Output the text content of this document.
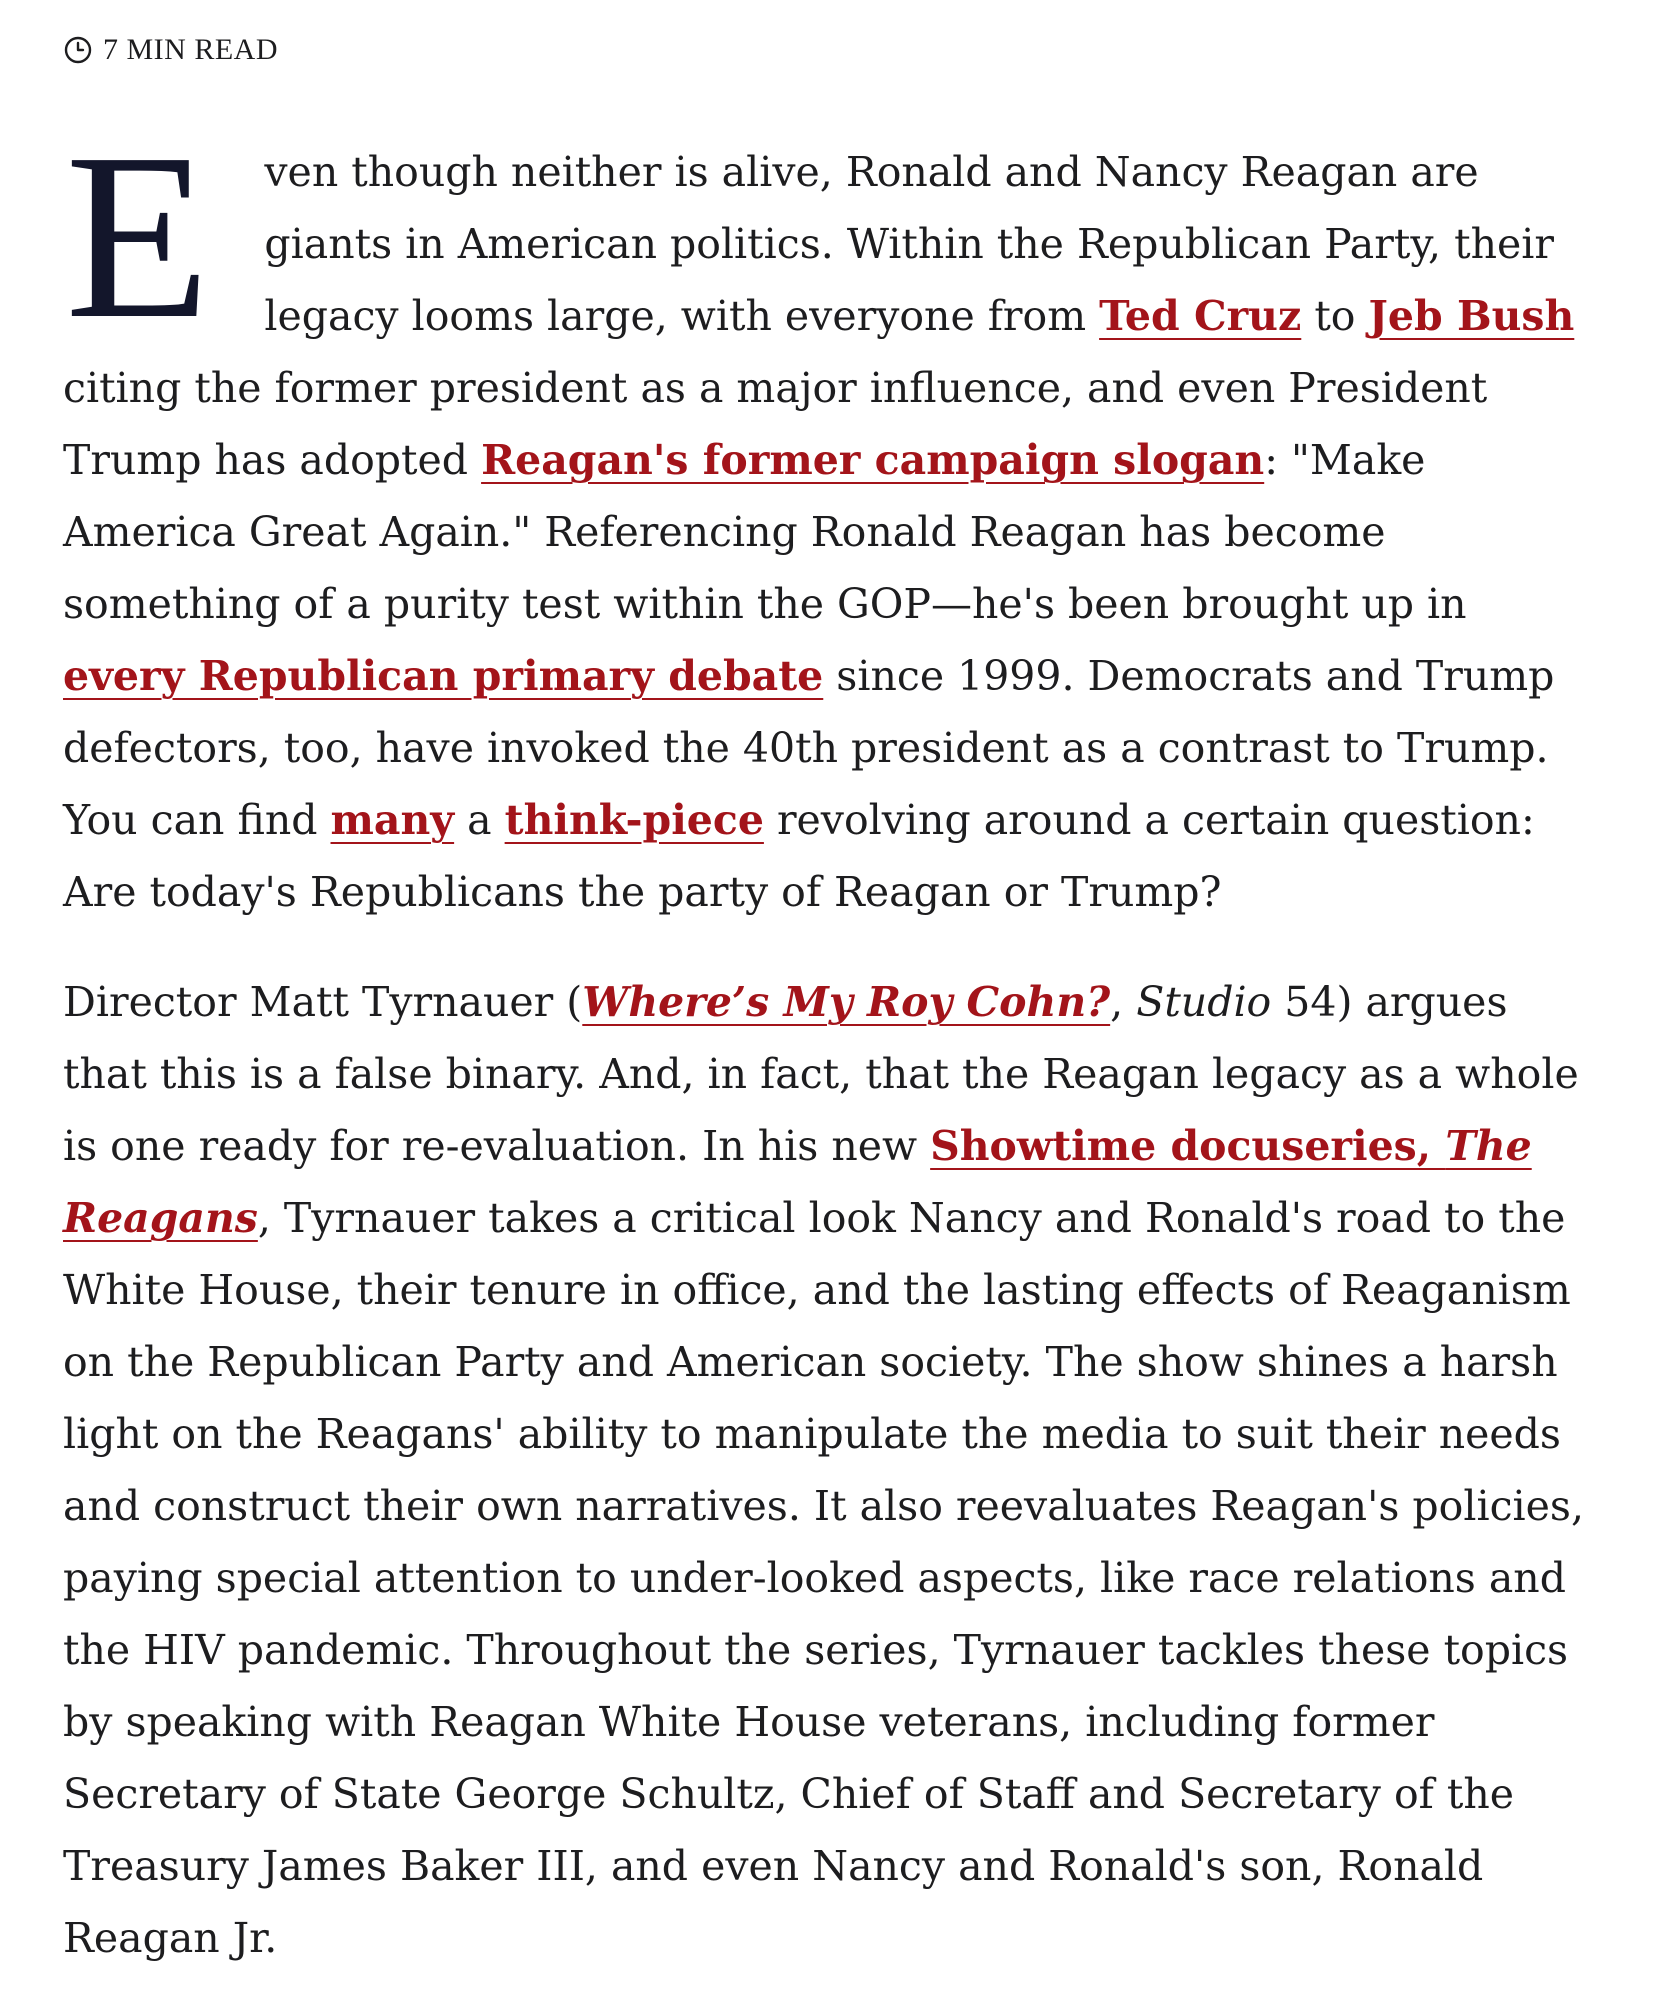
7 MIN READ

E ven though neither is alive, Ronald and Nancy Reagan are giants in American politics. Within the Republican Party, their legacy looms large, with everyone from Ted Cruz to Jeb Bush citing the former president as a major influence, and even President Trump has adopted Reagan's former campaign slogan: "Make America Great Again." Referencing Ronald Reagan has become something of a purity test within the GOP—he's been brought up in every Republican primary debate since 1999. Democrats and Trump defectors, too, have invoked the 40th president as a contrast to Trump. You can find many a think-piece revolving around a certain question: Are today's Republicans the party of Reagan or Trump?

Director Matt Tyrnauer (Where’s My Roy Cohn?, Studio 54) argues that this is a false binary. And, in fact, that the Reagan legacy as a whole is one ready for re-evaluation. In his new Showtime docuseries, The Reagans, Tyrnauer takes a critical look Nancy and Ronald's road to the White House, their tenure in office, and the lasting effects of Reaganism on the Republican Party and American society. The show shines a harsh light on the Reagans' ability to manipulate the media to suit their needs and construct their own narratives. It also reevaluates Reagan's policies, paying special attention to under-looked aspects, like race relations and the HIV pandemic. Throughout the series, Tyrnauer tackles these topics by speaking with Reagan White House veterans, including former Secretary of State George Schultz, Chief of Staff and Secretary of the Treasury James Baker III, and even Nancy and Ronald's son, Ronald Reagan Jr.
